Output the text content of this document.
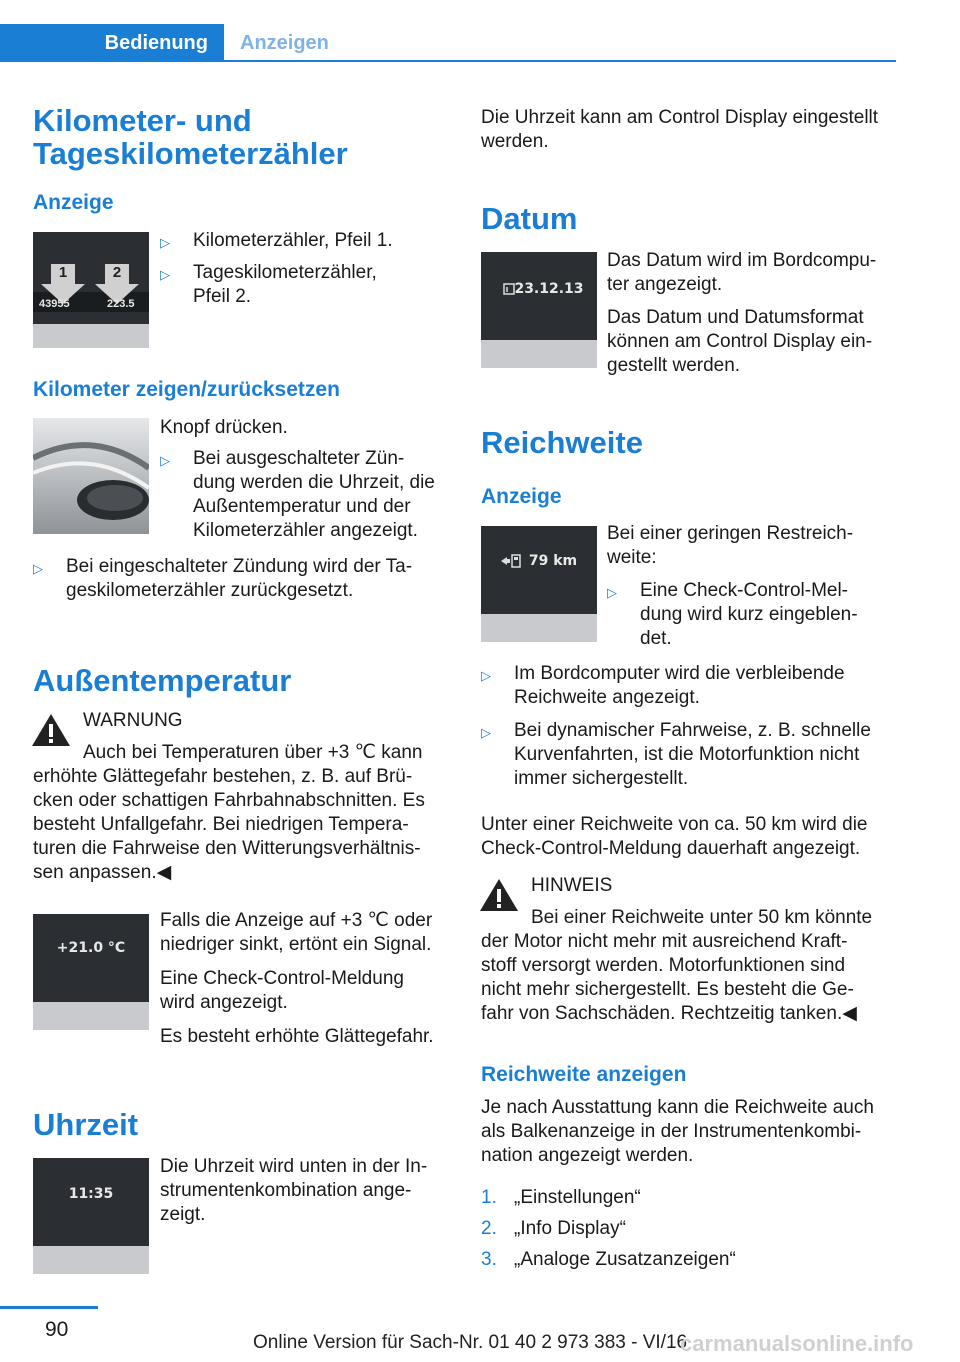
Bedienung	Anzeigen
Kilometer- und
Tageskilometerzähler
Anzeige
1	2
43955	223.5
▷ Kilometerzähler, Pfeil 1.
▷ Tageskilometerzähler,
Pfeil 2.
Kilometer zeigen/zurücksetzen
Knopf drücken.
▷ Bei ausgeschalteter Zün-
dung werden die Uhrzeit, die
Außentemperatur und der
Kilometerzähler angezeigt.
▷ Bei eingeschalteter Zündung wird der Ta-
geskilometerzähler zurückgesetzt.
Außentemperatur
WARNUNG
Auch bei Temperaturen über +3 ℃ kann
erhöhte Glättegefahr bestehen, z. B. auf Brü-
cken oder schattigen Fahrbahnabschnitten. Es
besteht Unfallgefahr. Bei niedrigen Tempera-
turen die Fahrweise den Witterungsverhältnis-
sen anpassen.◀
+21.0 °C
Falls die Anzeige auf +3 ℃ oder
niedriger sinkt, ertönt ein Signal.
Eine Check-Control-Meldung
wird angezeigt.
Es besteht erhöhte Glättegefahr.
Uhrzeit
11:35
Die Uhrzeit wird unten in der In-
strumentenkombination ange-
zeigt.
Die Uhrzeit kann am Control Display eingestellt
werden.
Datum
23.12.13
Das Datum wird im Bordcompu-
ter angezeigt.
Das Datum und Datumsformat
können am Control Display ein-
gestellt werden.
Reichweite
Anzeige
79 km
Bei einer geringen Restreich-
weite:
▷ Eine Check-Control-Mel-
dung wird kurz eingeblen-
det.
▷ Im Bordcomputer wird die verbleibende
Reichweite angezeigt.
▷ Bei dynamischer Fahrweise, z. B. schnelle
Kurvenfahrten, ist die Motorfunktion nicht
immer sichergestellt.
Unter einer Reichweite von ca. 50 km wird die
Check-Control-Meldung dauerhaft angezeigt.
HINWEIS
Bei einer Reichweite unter 50 km könnte
der Motor nicht mehr mit ausreichend Kraft-
stoff versorgt werden. Motorfunktionen sind
nicht mehr sichergestellt. Es besteht die Ge-
fahr von Sachschäden. Rechtzeitig tanken.◀
Reichweite anzeigen
Je nach Ausstattung kann die Reichweite auch
als Balkenanzeige in der Instrumentenkombi-
nation angezeigt werden.
1. „Einstellungen“
2. „Info Display“
3. „Analoge Zusatzanzeigen“
90
Online Version für Sach-Nr. 01 40 2 973 383 - VI/16
carmanualsonline.info
